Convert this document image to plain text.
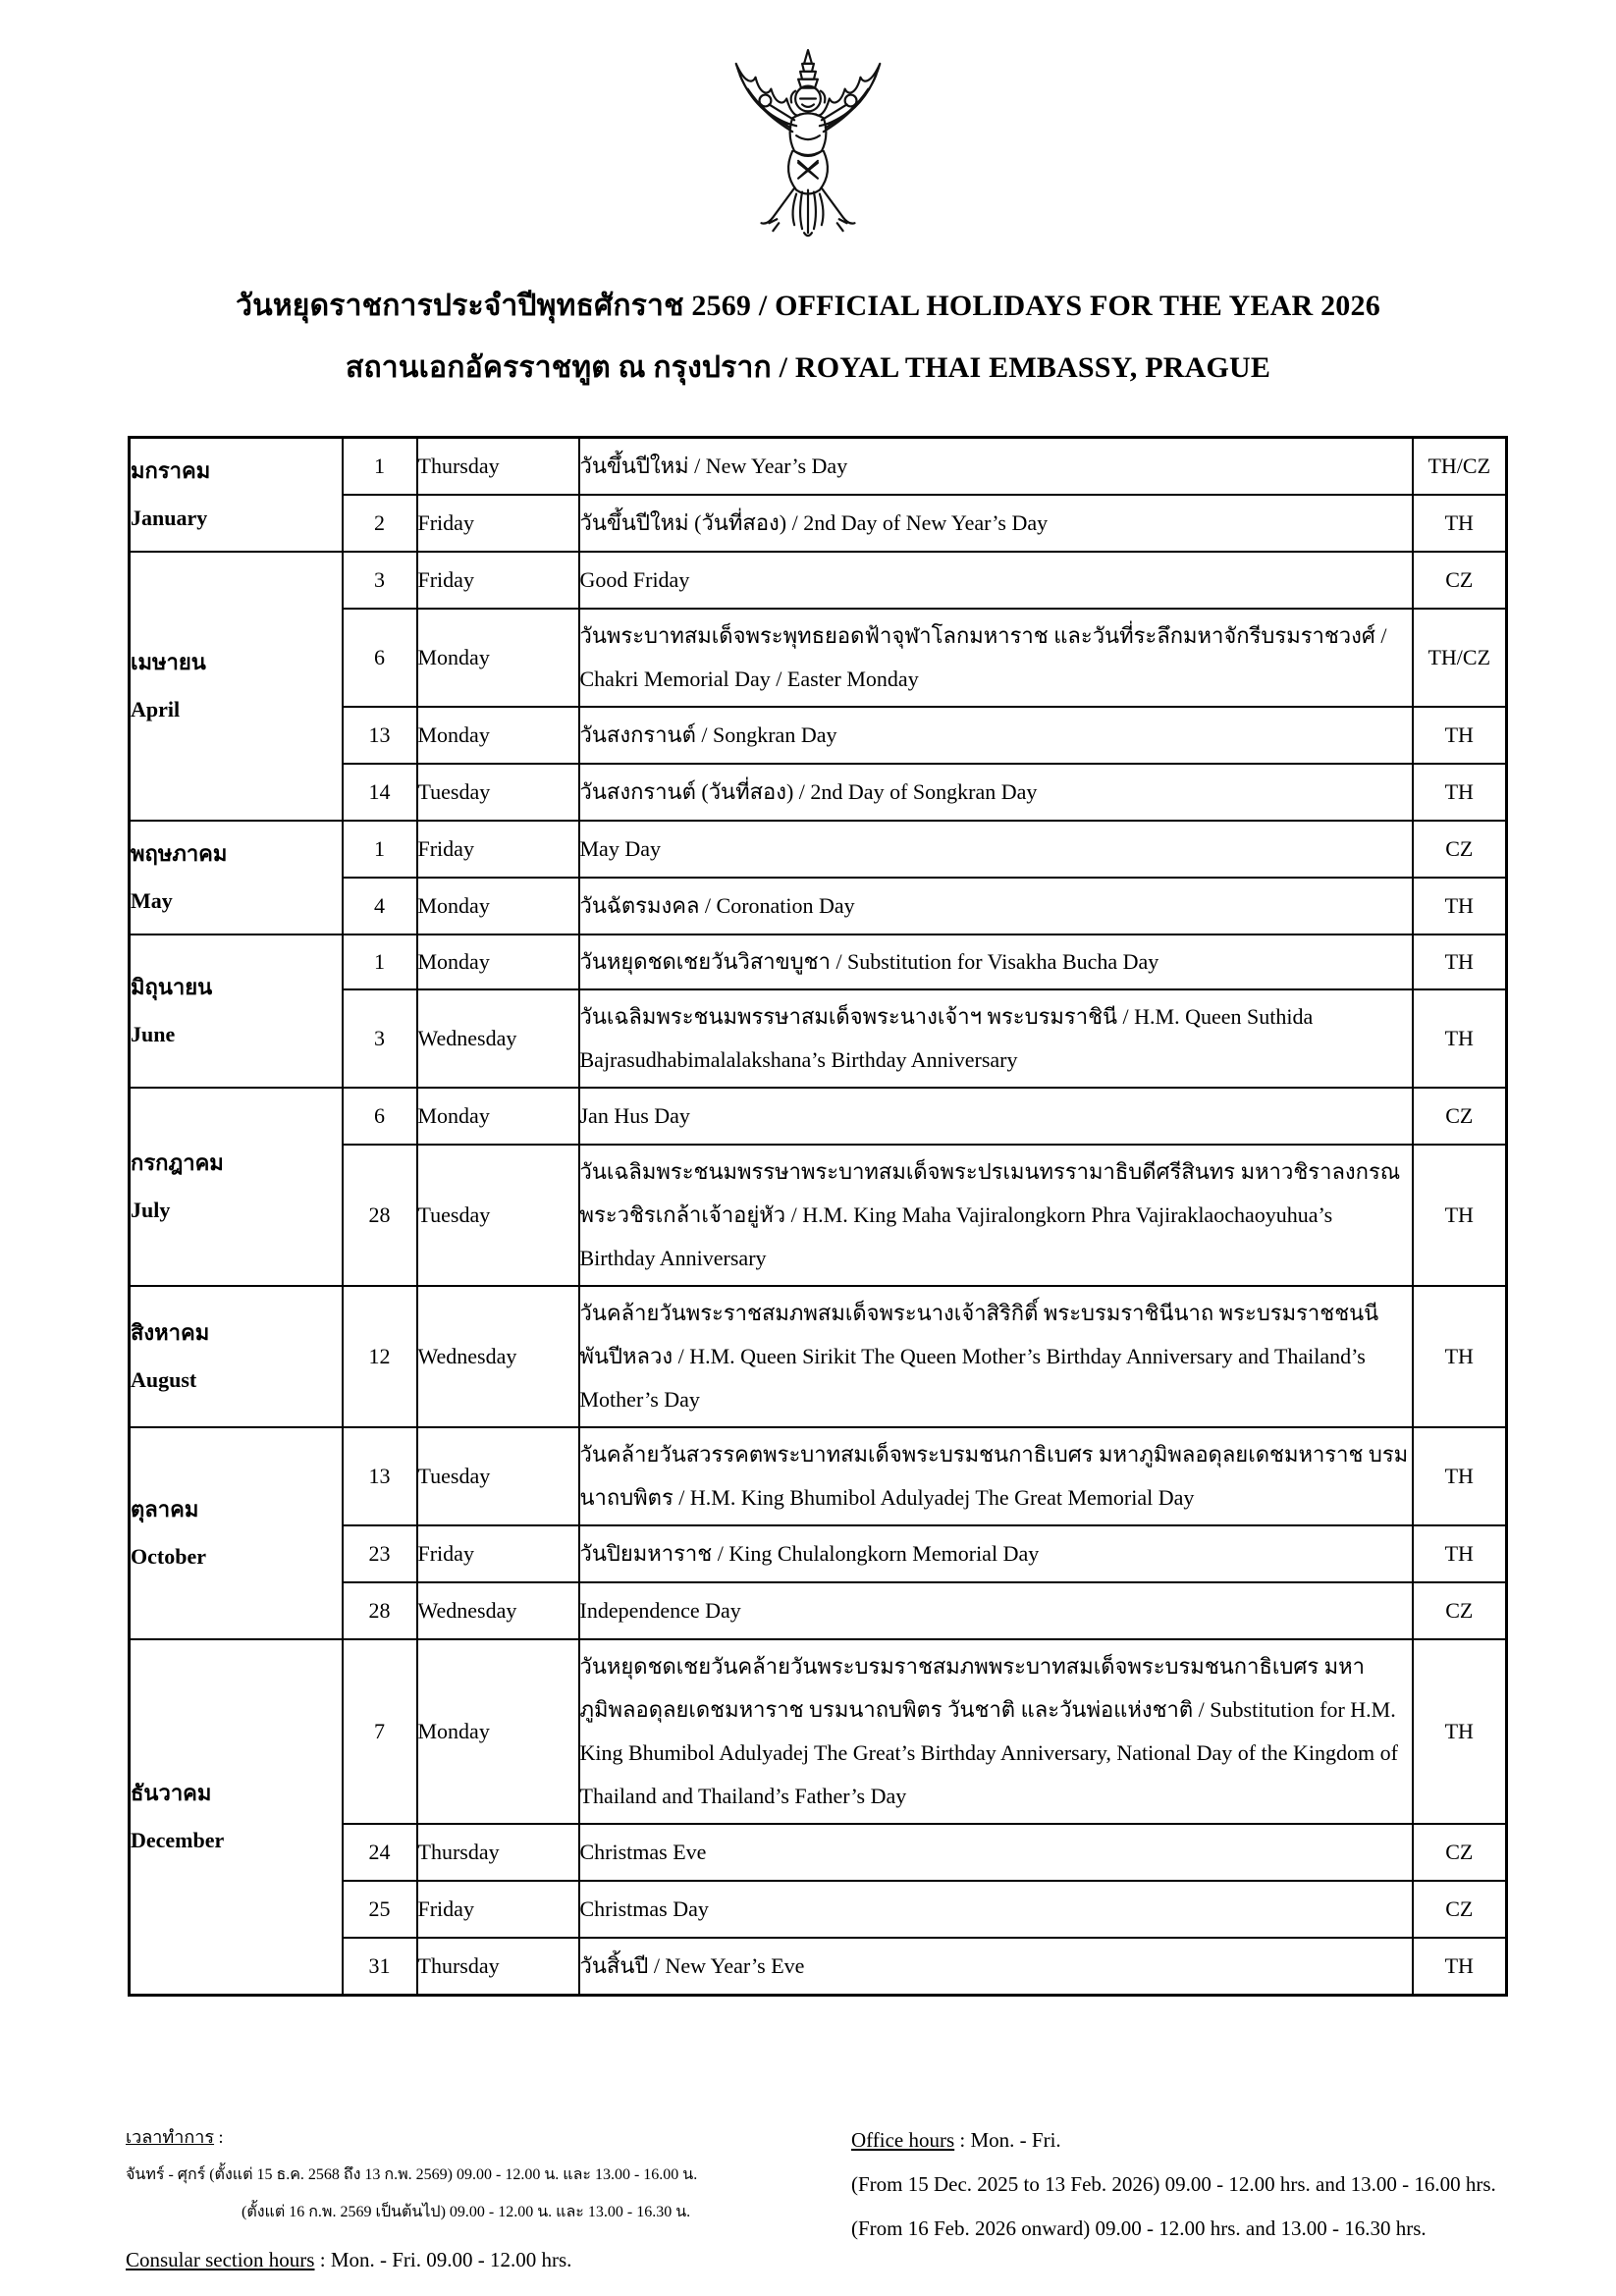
วันหยุดราชการประจำปีพุทธศักราช 2569 / OFFICIAL HOLIDAYS FOR THE YEAR 2026
สถานเอกอัครราชทูต ณ กรุงปราก / ROYAL THAI EMBASSY, PRAGUE
มกราคม
January	1	Thursday	วันขึ้นปีใหม่ / New Year’s Day	TH/CZ
	2	Friday	วันขึ้นปีใหม่ (วันที่สอง) / 2nd Day of New Year’s Day	TH

เมษายน
April	3	Friday	Good Friday	CZ
	6	Monday	วันพระบาทสมเด็จพระพุทธยอดฟ้าจุฬาโลกมหาราช และวันที่ระลึกมหาจักรีบรมราชวงศ์ / Chakri Memorial Day / Easter Monday	TH/CZ
	13	Monday	วันสงกรานต์ / Songkran Day	TH
	14	Tuesday	วันสงกรานต์ (วันที่สอง) / 2nd Day of Songkran Day	TH

พฤษภาคม
May	1	Friday	May Day	CZ
	4	Monday	วันฉัตรมงคล / Coronation Day	TH

มิถุนายน
June	1	Monday	วันหยุดชดเชยวันวิสาขบูชา / Substitution for Visakha Bucha Day	TH
	3	Wednesday	วันเฉลิมพระชนมพรรษาสมเด็จพระนางเจ้าฯ พระบรมราชินี / H.M. Queen Suthida Bajrasudhabimalalakshana’s Birthday Anniversary	TH

กรกฎาคม
July	6	Monday	Jan Hus Day	CZ
	28	Tuesday	วันเฉลิมพระชนมพรรษาพระบาทสมเด็จพระปรเมนทรรามาธิบดีศรีสินทร มหาวชิราลงกรณ พระวชิรเกล้าเจ้าอยู่หัว / H.M. King Maha Vajiralongkorn Phra Vajiraklaochaoyuhua’s Birthday Anniversary	TH

สิงหาคม
August	12	Wednesday	วันคล้ายวันพระราชสมภพสมเด็จพระนางเจ้าสิริกิติ์ พระบรมราชินีนาถ พระบรมราชชนนีพันปีหลวง / H.M. Queen Sirikit The Queen Mother’s Birthday Anniversary and Thailand’s Mother’s Day	TH

ตุลาคม
October	13	Tuesday	วันคล้ายวันสวรรคตพระบาทสมเด็จพระบรมชนกาธิเบศร มหาภูมิพลอดุลยเดชมหาราช บรมนาถบพิตร / H.M. King Bhumibol Adulyadej The Great Memorial Day	TH
	23	Friday	วันปิยมหาราช / King Chulalongkorn Memorial Day	TH
	28	Wednesday	Independence Day	CZ

ธันวาคม
December	7	Monday	วันหยุดชดเชยวันคล้ายวันพระบรมราชสมภพพระบาทสมเด็จพระบรมชนกาธิเบศร มหาภูมิพลอดุลยเดชมหาราช บรมนาถบพิตร วันชาติ และวันพ่อแห่งชาติ / Substitution for H.M. King Bhumibol Adulyadej The Great’s Birthday Anniversary, National Day of the Kingdom of Thailand and Thailand’s Father’s Day	TH
	24	Thursday	Christmas Eve	CZ
	25	Friday	Christmas Day	CZ
	31	Thursday	วันสิ้นปี / New Year’s Eve	TH
เวลาทำการ :
จันทร์ - ศุกร์ (ตั้งแต่ 15 ธ.ค. 2568 ถึง 13 ก.พ. 2569) 09.00 - 12.00 น. และ 13.00 - 16.00 น.
(ตั้งแต่ 16 ก.พ. 2569 เป็นต้นไป) 09.00 - 12.00 น. และ 13.00 - 16.30 น.
Consular section hours : Mon. - Fri. 09.00 - 12.00 hrs.
Office hours : Mon. - Fri.
(From 15 Dec. 2025 to 13 Feb. 2026) 09.00 - 12.00 hrs. and 13.00 - 16.00 hrs.
(From 16 Feb. 2026 onward) 09.00 - 12.00 hrs. and 13.00 - 16.30 hrs.
